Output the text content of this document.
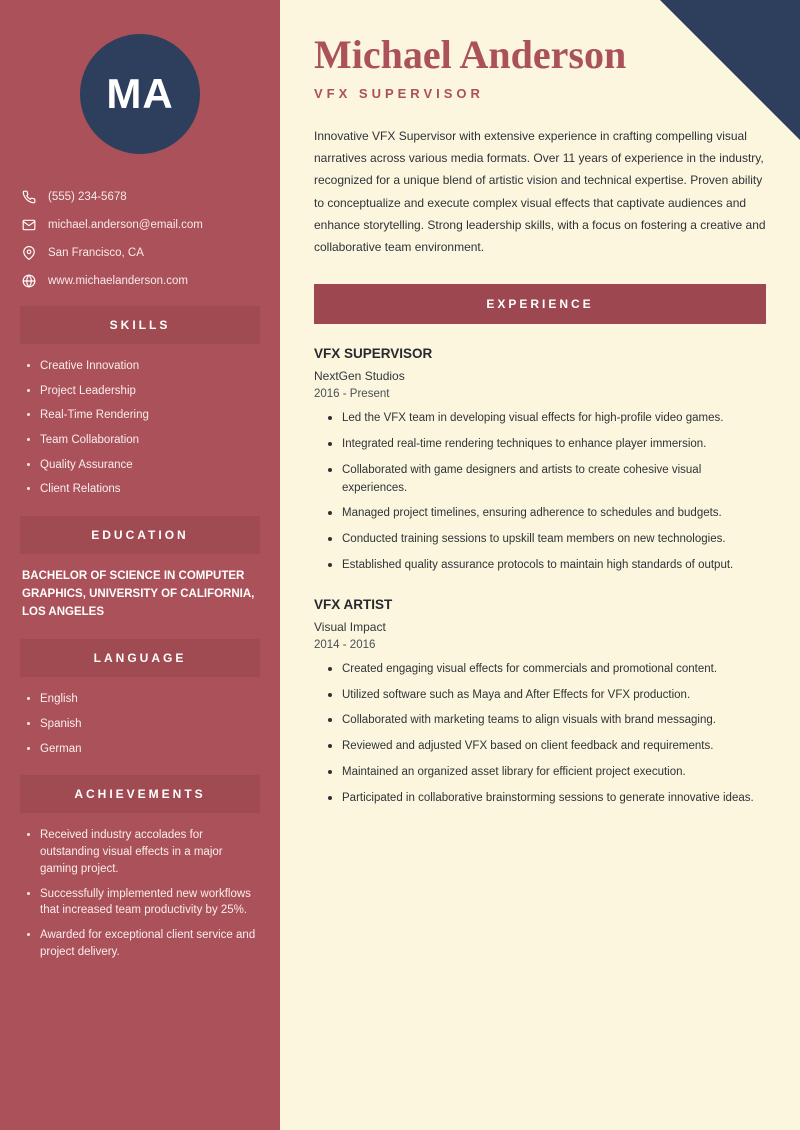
MA
(555) 234-5678
michael.anderson@email.com
San Francisco, CA
www.michaelanderson.com
SKILLS
Creative Innovation
Project Leadership
Real-Time Rendering
Team Collaboration
Quality Assurance
Client Relations
EDUCATION
BACHELOR OF SCIENCE IN COMPUTER GRAPHICS, UNIVERSITY OF CALIFORNIA, LOS ANGELES
LANGUAGE
English
Spanish
German
ACHIEVEMENTS
Received industry accolades for outstanding visual effects in a major gaming project.
Successfully implemented new workflows that increased team productivity by 25%.
Awarded for exceptional client service and project delivery.
Michael Anderson
VFX SUPERVISOR

Innovative VFX Supervisor with extensive experience in crafting compelling visual narratives across various media formats. Over 11 years of experience in the industry, recognized for a unique blend of artistic vision and technical expertise. Proven ability to conceptualize and execute complex visual effects that captivate audiences and enhance storytelling. Strong leadership skills, with a focus on fostering a creative and collaborative team environment.

EXPERIENCE
VFX SUPERVISOR
NextGen Studios
2016 - Present
Led the VFX team in developing visual effects for high-profile video games.
Integrated real-time rendering techniques to enhance player immersion.
Collaborated with game designers and artists to create cohesive visual experiences.
Managed project timelines, ensuring adherence to schedules and budgets.
Conducted training sessions to upskill team members on new technologies.
Established quality assurance protocols to maintain high standards of output.
VFX ARTIST
Visual Impact
2014 - 2016
Created engaging visual effects for commercials and promotional content.
Utilized software such as Maya and After Effects for VFX production.
Collaborated with marketing teams to align visuals with brand messaging.
Reviewed and adjusted VFX based on client feedback and requirements.
Maintained an organized asset library for efficient project execution.
Participated in collaborative brainstorming sessions to generate innovative ideas.
